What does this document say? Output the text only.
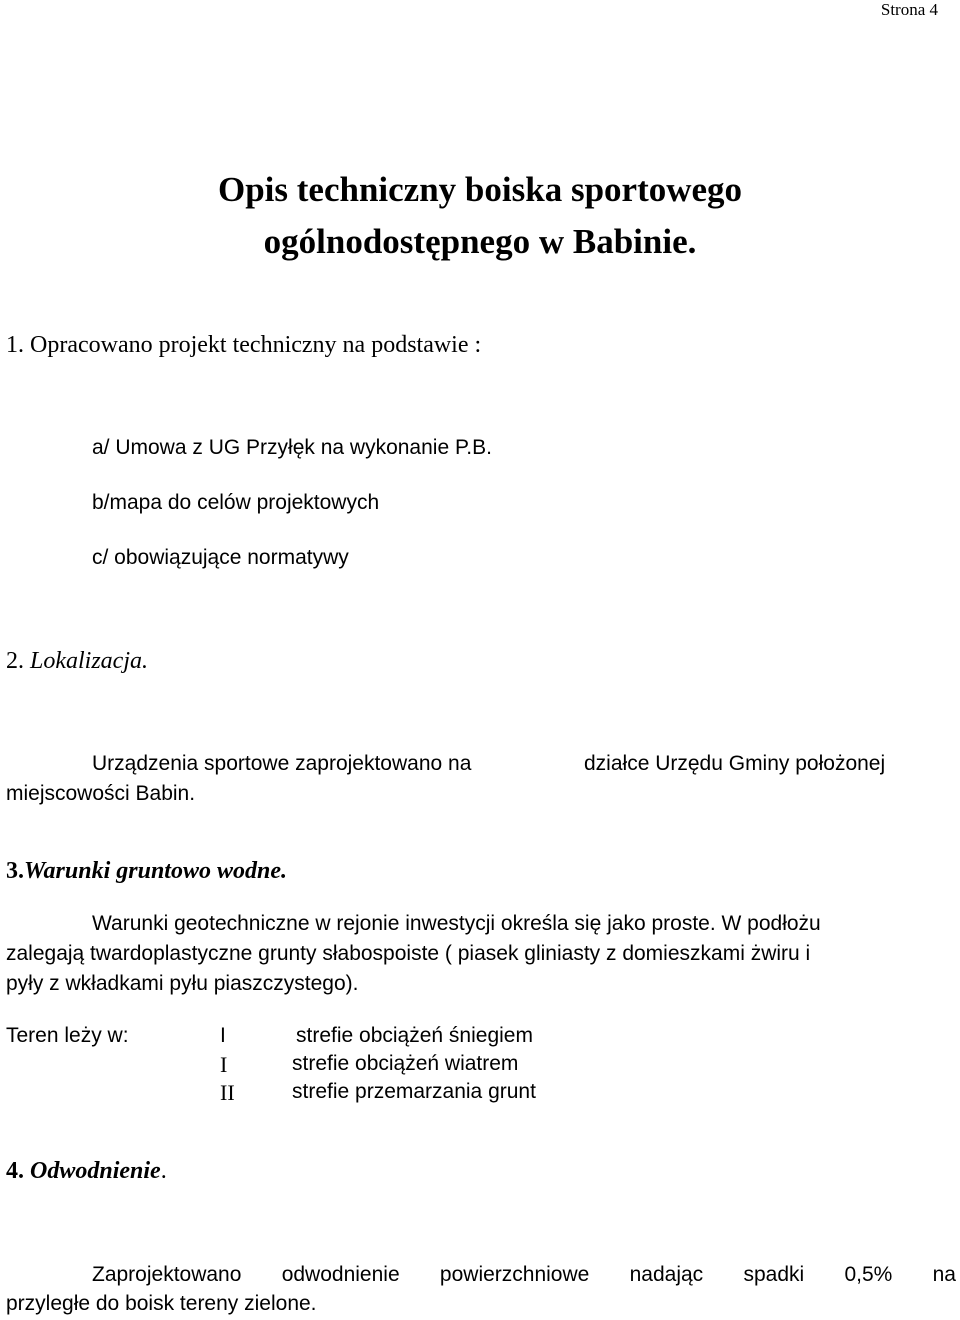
Strona 4
Opis techniczny boiska sportowego
ogólnodostępnego w Babinie.
1. Opracowano projekt techniczny na podstawie :
a/ Umowa z UG Przyłęk na wykonanie P.B.
b/mapa do celów projektowych
c/ obowiązujące normatywy
2. Lokalizacja.
Urządzenia sportowe zaprojektowano na	działce Urzędu Gminy położonej
miejscowości Babin.
3.Warunki gruntowo wodne.
Warunki geotechniczne w rejonie inwestycji określa się jako proste. W podłożu
zalegają twardoplastyczne grunty słabospoiste ( piasek gliniasty z domieszkami żwiru i
pyły z wkładkami pyłu piaszczystego).
Teren leży w:	I	strefie obciążeń śniegiem
I	strefie obciążeń wiatrem
II	strefie przemarzania grunt
4. Odwodnienie.
Zaprojektowano odwodnienie powierzchniowe nadając spadki 0,5% na
przyległe do boisk tereny zielone.
